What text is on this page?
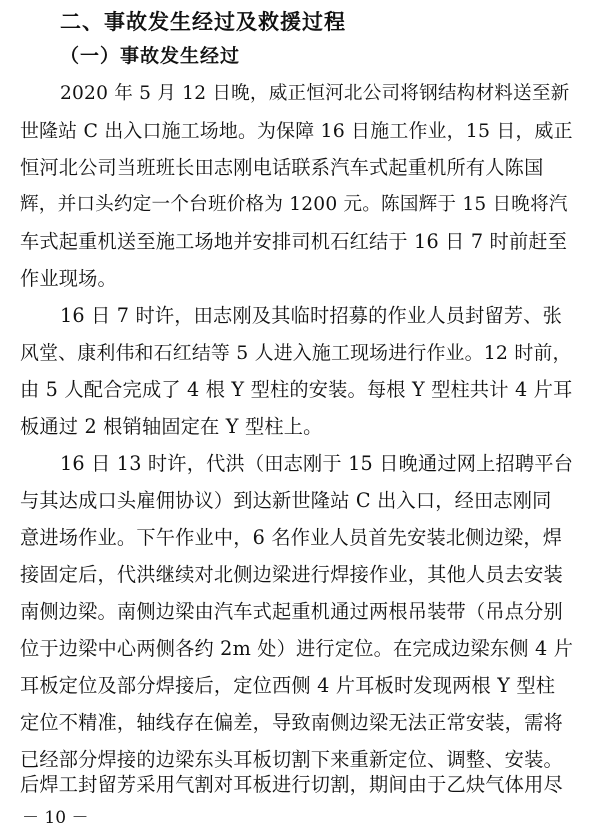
二、事故发生经过及救援过程
（一）事故发生经过
2020 年 5 月 12 日晚，威正恒河北公司将钢结构材料送至新
世隆站 C 出入口施工场地。为保障 16 日施工作业，15 日，威正
恒河北公司当班班长田志刚电话联系汽车式起重机所有人陈国
辉，并口头约定一个台班价格为 1200 元。陈国辉于 15 日晚将汽
车式起重机送至施工场地并安排司机石红结于 16 日 7 时前赶至
作业现场。
16 日 7 时许，田志刚及其临时招募的作业人员封留芳、张
风堂、康利伟和石红结等 5 人进入施工现场进行作业。12 时前，
由 5 人配合完成了 4 根 Y 型柱的安装。每根 Y 型柱共计 4 片耳
板通过 2 根销轴固定在 Y 型柱上。
16 日 13 时许，代洪（田志刚于 15 日晚通过网上招聘平台
与其达成口头雇佣协议）到达新世隆站 C 出入口，经田志刚同
意进场作业。下午作业中，6 名作业人员首先安装北侧边梁，焊
接固定后，代洪继续对北侧边梁进行焊接作业，其他人员去安装
南侧边梁。南侧边梁由汽车式起重机通过两根吊装带（吊点分别
位于边梁中心两侧各约 2m 处）进行定位。在完成边梁东侧 4 片
耳板定位及部分焊接后，定位西侧 4 片耳板时发现两根 Y 型柱
定位不精准，轴线存在偏差，导致南侧边梁无法正常安装，需将
已经部分焊接的边梁东头耳板切割下来重新定位、调整、安装。
后焊工封留芳采用气割对耳板进行切割，期间由于乙炔气体用尽
－ 10 －
